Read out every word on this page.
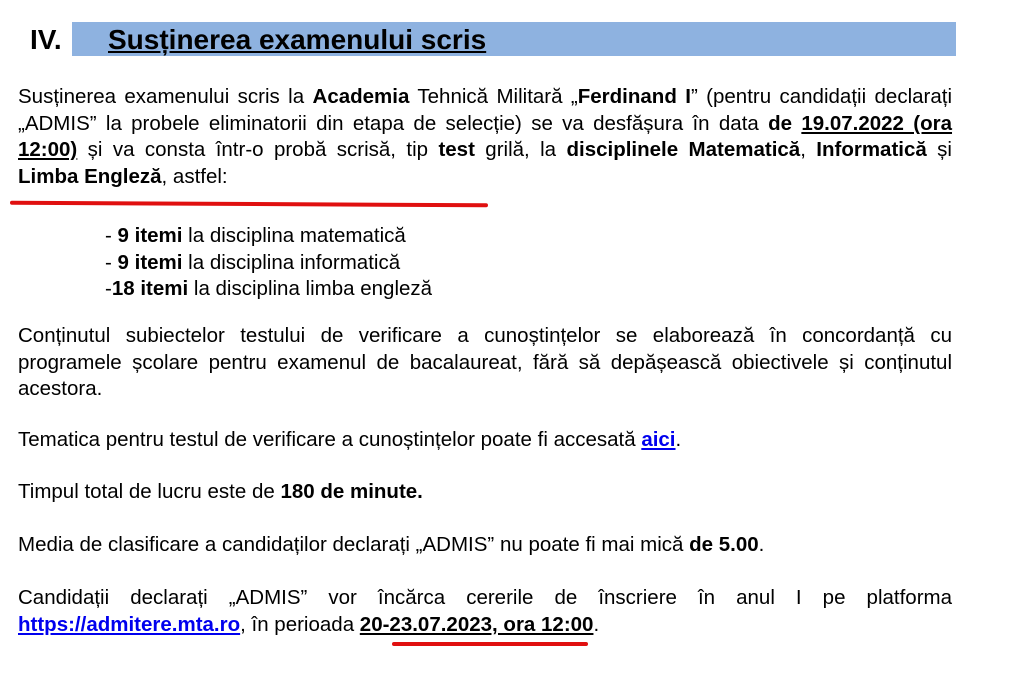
IV. Susținerea examenului scris
Susținerea examenului scris la Academia Tehnică Militară „Ferdinand I” (pentru candidații declarați „ADMIS” la probele eliminatorii din etapa de selecție) se va desfășura în data de 19.07.2022 (ora 12:00) și va consta într-o probă scrisă, tip test grilă, la disciplinele Matematică, Informatică și Limba Engleză, astfel:
- 9 itemi la disciplina matematică
- 9 itemi la disciplina informatică
-18 itemi la disciplina limba engleză
Conținutul subiectelor testului de verificare a cunoștințelor se elaborează în concordanță cu programele școlare pentru examenul de bacalaureat, fără să depășească obiectivele și conținutul acestora.
Tematica pentru testul de verificare a cunoștințelor poate fi accesată aici.
Timpul total de lucru este de 180 de minute.
Media de clasificare a candidaților declarați „ADMIS” nu poate fi mai mică de 5.00.
Candidații declarați „ADMIS” vor încărca cererile de înscriere în anul I pe platforma https://admitere.mta.ro, în perioada 20-23.07.2023, ora 12:00.
